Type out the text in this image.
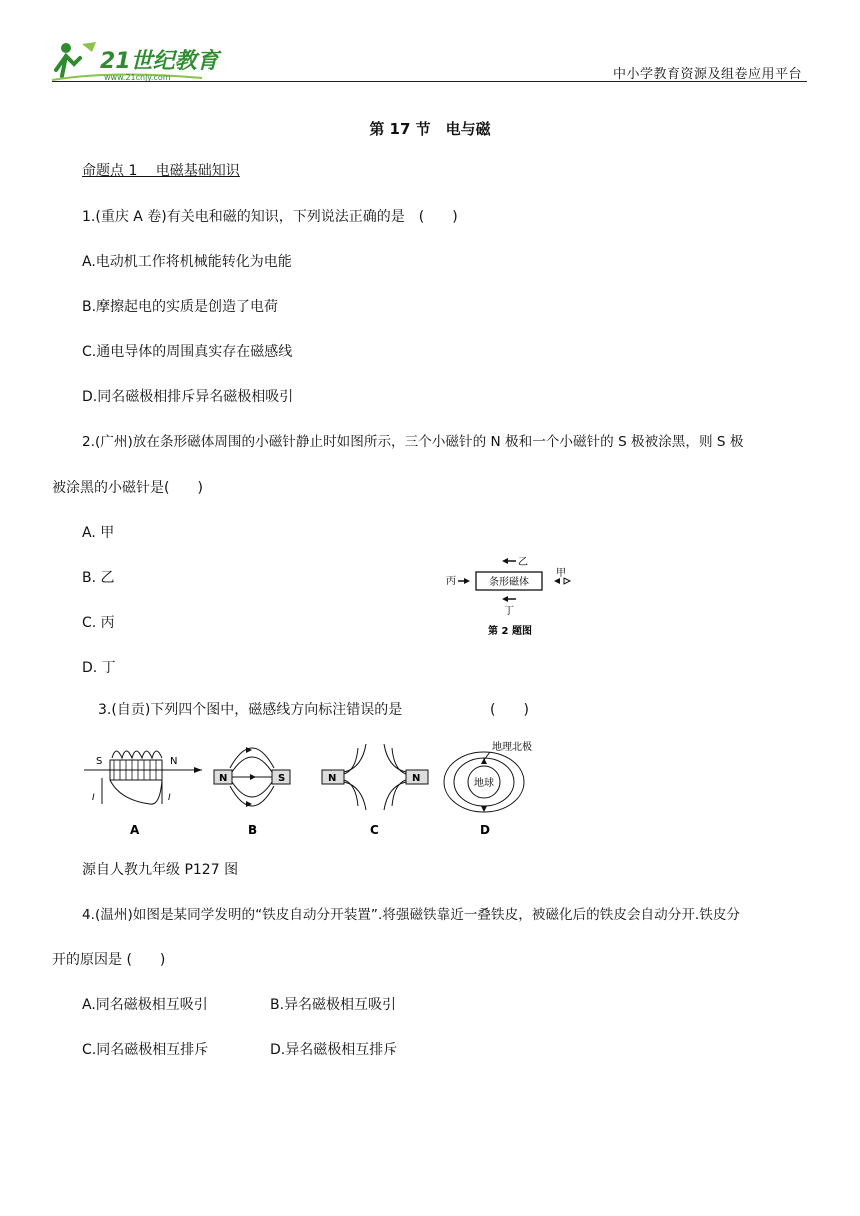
21世纪教育
www.21cnjy.com	中小学教育资源及组卷应用平台
第 17 节　电与磁
命题点 1　 电磁基础知识
1.(重庆 A 卷)有关电和磁的知识，下列说法正确的是　(　　)
A.电动机工作将机械能转化为电能
B.摩擦起电的实质是创造了电荷
C.通电导体的周围真实存在磁感线
D.同名磁极相排斥异名磁极相吸引
2.(广州)放在条形磁体周围的小磁针静止时如图所示，三个小磁针的 N 极和一个小磁针的 S 极被涂黑，则 S 极
被涂黑的小磁针是(　　)
A. 甲
B. 乙
C. 丙
D. 丁
乙
条形磁体
丙
甲
丁
第 2 题图
3.(自贡)下列四个图中，磁感线方向标注错误的是	(　　)
S	N
I	I
A
N	S
B
N	N
C
地理北极
地球
D
源自人教九年级 P127 图
4.(温州)如图是某同学发明的“铁皮自动分开装置”.将强磁铁靠近一叠铁皮，被磁化后的铁皮会自动分开.铁皮分
开的原因是 (　　)
A.同名磁极相互吸引	B.异名磁极相互吸引
C.同名磁极相互排斥	D.异名磁极相互排斥
